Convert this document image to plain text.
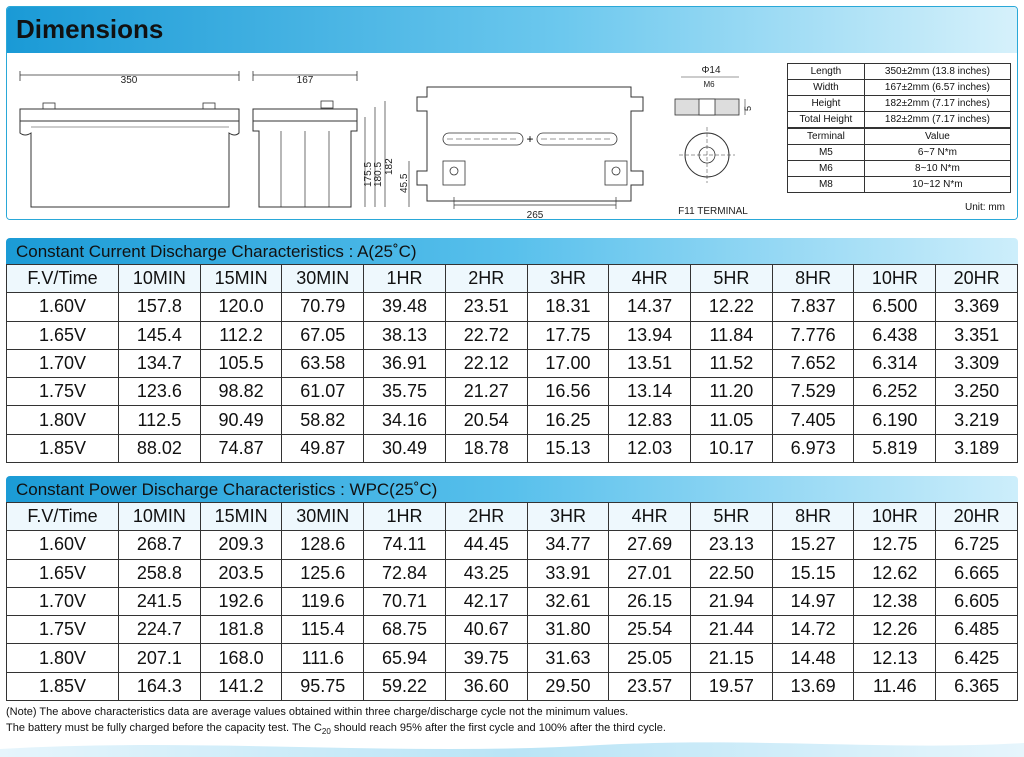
Dimensions
350	167
175.5 180.5 182
45.5
+
265
Φ14
M6
5
F11 TERMINAL
Length	350±2mm (13.8 inches)
Width	167±2mm (6.57 inches)
Height	182±2mm (7.17 inches)
Total Height	182±2mm (7.17 inches)

Terminal	Value
M5	6~7 N*m
M6	8~10 N*m
M8	10~12 N*m
Unit: mm
Constant Current Discharge Characteristics : A(25˚C)
F.V/Time	10MIN	15MIN	30MIN	1HR	2HR	3HR	4HR	5HR	8HR	10HR	20HR
1.60V	157.8	120.0	70.79	39.48	23.51	18.31	14.37	12.22	7.837	6.500	3.369
1.65V	145.4	112.2	67.05	38.13	22.72	17.75	13.94	11.84	7.776	6.438	3.351
1.70V	134.7	105.5	63.58	36.91	22.12	17.00	13.51	11.52	7.652	6.314	3.309
1.75V	123.6	98.82	61.07	35.75	21.27	16.56	13.14	11.20	7.529	6.252	3.250
1.80V	112.5	90.49	58.82	34.16	20.54	16.25	12.83	11.05	7.405	6.190	3.219
1.85V	88.02	74.87	49.87	30.49	18.78	15.13	12.03	10.17	6.973	5.819	3.189
Constant Power Discharge Characteristics : WPC(25˚C)
F.V/Time	10MIN	15MIN	30MIN	1HR	2HR	3HR	4HR	5HR	8HR	10HR	20HR
1.60V	268.7	209.3	128.6	74.11	44.45	34.77	27.69	23.13	15.27	12.75	6.725
1.65V	258.8	203.5	125.6	72.84	43.25	33.91	27.01	22.50	15.15	12.62	6.665
1.70V	241.5	192.6	119.6	70.71	42.17	32.61	26.15	21.94	14.97	12.38	6.605
1.75V	224.7	181.8	115.4	68.75	40.67	31.80	25.54	21.44	14.72	12.26	6.485
1.80V	207.1	168.0	111.6	65.94	39.75	31.63	25.05	21.15	14.48	12.13	6.425
1.85V	164.3	141.2	95.75	59.22	36.60	29.50	23.57	19.57	13.69	11.46	6.365
(Note) The above characteristics data are average values obtained within three charge/discharge cycle not the minimum values.
The battery must be fully charged before the capacity test. The $C_{20}$ should reach 95% after the first cycle and 100% after the third cycle.
